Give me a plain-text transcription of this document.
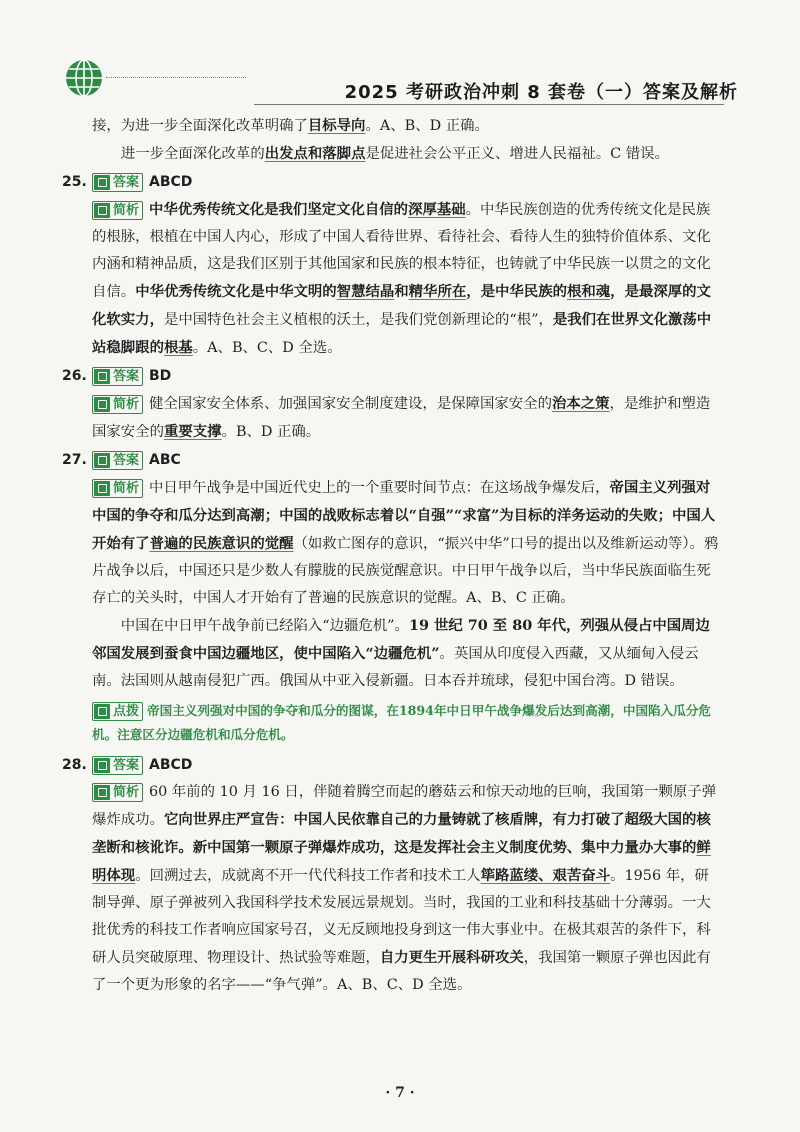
2025 考研政治冲刺 8 套卷（一）答案及解析

接，为进一步全面深化改革明确了目标导向。A、B、D 正确。

进一步全面深化改革的出发点和落脚点是促进社会公平正义、增进人民福祉。C 错误。

25.	答案 ABCD

简析 中华优秀传统文化是我们坚定文化自信的深厚基础。中华民族创造的优秀传统文化是民族的根脉，根植在中国人内心，形成了中国人看待世界、看待社会、看待人生的独特价值体系、文化内涵和精神品质，这是我们区别于其他国家和民族的根本特征，也铸就了中华民族一以贯之的文化自信。中华优秀传统文化是中华文明的智慧结晶和精华所在，是中华民族的根和魂，是最深厚的文化软实力，是中国特色社会主义植根的沃土，是我们党创新理论的“根”，是我们在世界文化激荡中站稳脚跟的根基。A、B、C、D 全选。

26.	答案 BD

简析 健全国家安全体系、加强国家安全制度建设，是保障国家安全的治本之策，是维护和塑造国家安全的重要支撑。B、D 正确。

27.	答案 ABC

简析 中日甲午战争是中国近代史上的一个重要时间节点：在这场战争爆发后，帝国主义列强对中国的争夺和瓜分达到高潮；中国的战败标志着以“自强”“求富”为目标的洋务运动的失败；中国人开始有了普遍的民族意识的觉醒（如救亡图存的意识，“振兴中华”口号的提出以及维新运动等）。鸦片战争以后，中国还只是少数人有朦胧的民族觉醒意识。中日甲午战争以后，当中华民族面临生死存亡的关头时，中国人才开始有了普遍的民族意识的觉醒。A、B、C 正确。

中国在中日甲午战争前已经陷入“边疆危机”。19 世纪 70 至 80 年代，列强从侵占中国周边邻国发展到蚕食中国边疆地区，使中国陷入“边疆危机”。英国从印度侵入西藏，又从缅甸入侵云南。法国则从越南侵犯广西。俄国从中亚入侵新疆。日本吞并琉球，侵犯中国台湾。D 错误。

点拨 帝国主义列强对中国的争夺和瓜分的图谋，在1894年中日甲午战争爆发后达到高潮，中国陷入瓜分危机。注意区分边疆危机和瓜分危机。

28.	答案 ABCD

简析 60 年前的 10 月 16 日，伴随着腾空而起的蘑菇云和惊天动地的巨响，我国第一颗原子弹爆炸成功。它向世界庄严宣告：中国人民依靠自己的力量铸就了核盾牌，有力打破了超级大国的核垄断和核讹诈。新中国第一颗原子弹爆炸成功，这是发挥社会主义制度优势、集中力量办大事的鲜明体现。回溯过去，成就离不开一代代科技工作者和技术工人筚路蓝缕、艰苦奋斗。1956 年，研制导弹、原子弹被列入我国科学技术发展远景规划。当时，我国的工业和科技基础十分薄弱。一大批优秀的科技工作者响应国家号召，义无反顾地投身到这一伟大事业中。在极其艰苦的条件下，科研人员突破原理、物理设计、热试验等难题，自力更生开展科研攻关，我国第一颗原子弹也因此有了一个更为形象的名字——“争气弹”。A、B、C、D 全选。

· 7 ·
